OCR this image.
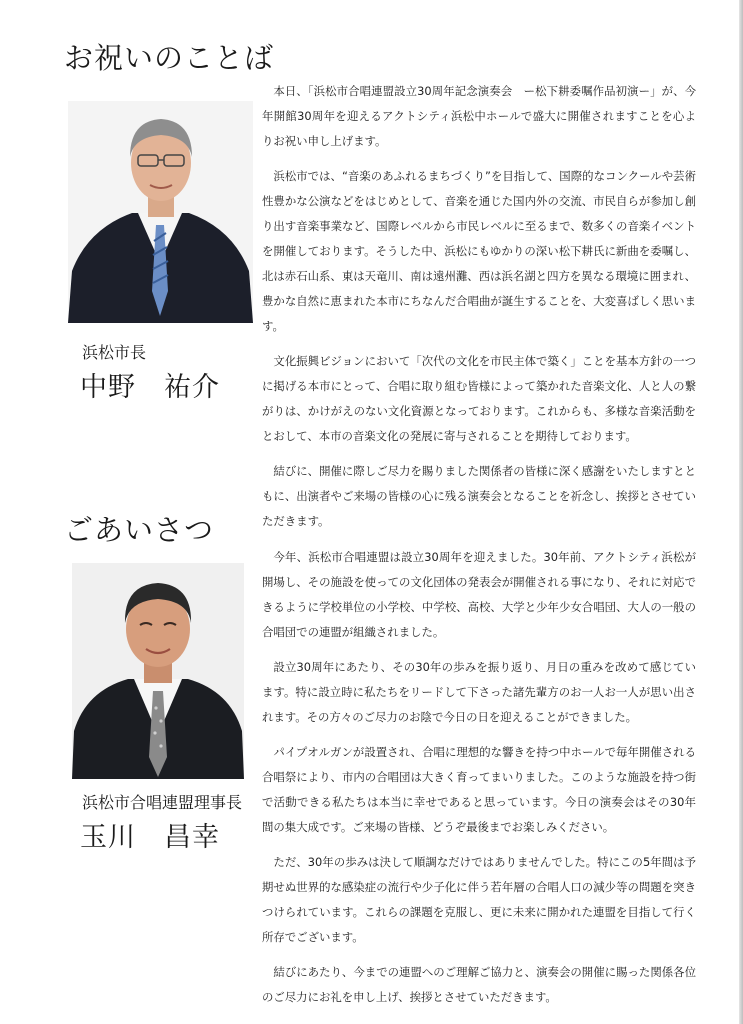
お祝いのことば
浜松市長
中野　祐介

本日、「浜松市合唱連盟設立30周年記念演奏会　ー松下耕委嘱作品初演ー」が、今年開館30周年を迎えるアクトシティ浜松中ホールで盛大に開催されますことを心よりお祝い申し上げます。

浜松市では、“音楽のあふれるまちづくり”を目指して、国際的なコンクールや芸術性豊かな公演などをはじめとして、音楽を通じた国内外の交流、市民自らが参加し創り出す音楽事業など、国際レベルから市民レベルに至るまで、数多くの音楽イベントを開催しております。そうした中、浜松にもゆかりの深い松下耕氏に新曲を委嘱し、北は赤石山系、東は天竜川、南は遠州灘、西は浜名湖と四方を異なる環境に囲まれ、豊かな自然に恵まれた本市にちなんだ合唱曲が誕生することを、大変喜ばしく思います。

文化振興ビジョンにおいて「次代の文化を市民主体で築く」ことを基本方針の一つに掲げる本市にとって、合唱に取り組む皆様によって築かれた音楽文化、人と人の繋がりは、かけがえのない文化資源となっております。これからも、多様な音楽活動をとおして、本市の音楽文化の発展に寄与されることを期待しております。

結びに、開催に際しご尽力を賜りました関係者の皆様に深く感謝をいたしますとともに、出演者やご来場の皆様の心に残る演奏会となることを祈念し、挨拶とさせていただきます。

ごあいさつ
浜松市合唱連盟理事長
玉川　昌幸

今年、浜松市合唱連盟は設立30周年を迎えました。30年前、アクトシティ浜松が開場し、その施設を使っての文化団体の発表会が開催される事になり、それに対応できるように学校単位の小学校、中学校、高校、大学と少年少女合唱団、大人の一般の合唱団での連盟が組織されました。

設立30周年にあたり、その30年の歩みを振り返り、月日の重みを改めて感じています。特に設立時に私たちをリードして下さった諸先輩方のお一人お一人が思い出されます。その方々のご尽力のお陰で今日の日を迎えることができました。

パイプオルガンが設置され、合唱に理想的な響きを持つ中ホールで毎年開催される合唱祭により、市内の合唱団は大きく育ってまいりました。このような施設を持つ街で活動できる私たちは本当に幸せであると思っています。今日の演奏会はその30年間の集大成です。ご来場の皆様、どうぞ最後までお楽しみください。

ただ、30年の歩みは決して順調なだけではありませんでした。特にこの5年間は予期せぬ世界的な感染症の流行や少子化に伴う若年層の合唱人口の減少等の問題を突きつけられています。これらの課題を克服し、更に未来に開かれた連盟を目指して行く所存でございます。

結びにあたり、今までの連盟へのご理解ご協力と、演奏会の開催に賜った関係各位のご尽力にお礼を申し上げ、挨拶とさせていただきます。
